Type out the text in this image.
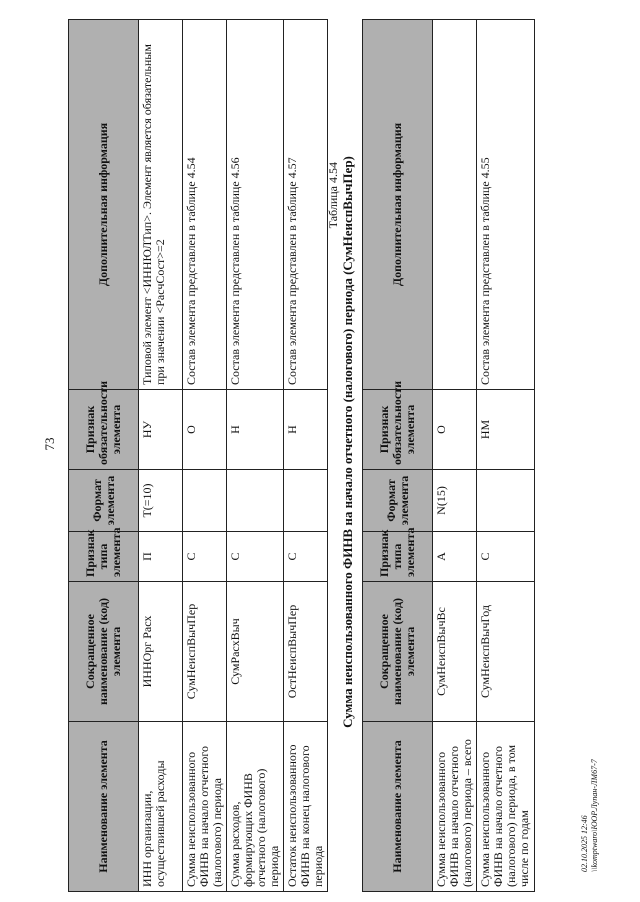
73
Наименование элемента	Сокращенное наименование (код) элемента	Признак типа элемента	Формат элемента	Признак обязательности элемента	Дополнительная информация
ИНН организации, осуществившей расходы	ИННОрг Расх	П	T(=10)	НУ	Типовой элемент <ИННЮЛТип>. Элемент является обязательным при значении <РасчСост>=2
Сумма неиспользованного ФИНВ на начало отчетного (налогового) периода	СумНеиспВычПер	С		О	Состав элемента представлен в таблице 4.54
Сумма расходов, формирующих ФИНВ отчетного (налогового) периода	СумРасхВыч	С		Н	Состав элемента представлен в таблице 4.56
Остаток неиспользованного ФИНВ на конец налогового периода	ОстНеиспВычПер	С		Н	Состав элемента представлен в таблице 4.57 Таблица 4.54 Сумма неиспользованного ФИНВ на начало отчетного (налогового) периода (СумНеиспВычПер)
Наименование элемента	Сокращенное наименование (код) элемента	Признак типа элемента	Формат элемента	Признак обязательности элемента	Дополнительная информация
Сумма неиспользованного ФИНВ на начало отчетного (налогового) периода – всего	СумНеиспВычВс	А	N(15)	О	
Сумма неиспользованного ФИНВ на начало отчетного (налогового) периода, в том числе по годам	СумНеиспВычГод	С		НМ	Состав элемента представлен в таблице 4.55
02.10.2025 12:46 \\komptwaro\ЮОР.Лупан-ЛМ67-7
